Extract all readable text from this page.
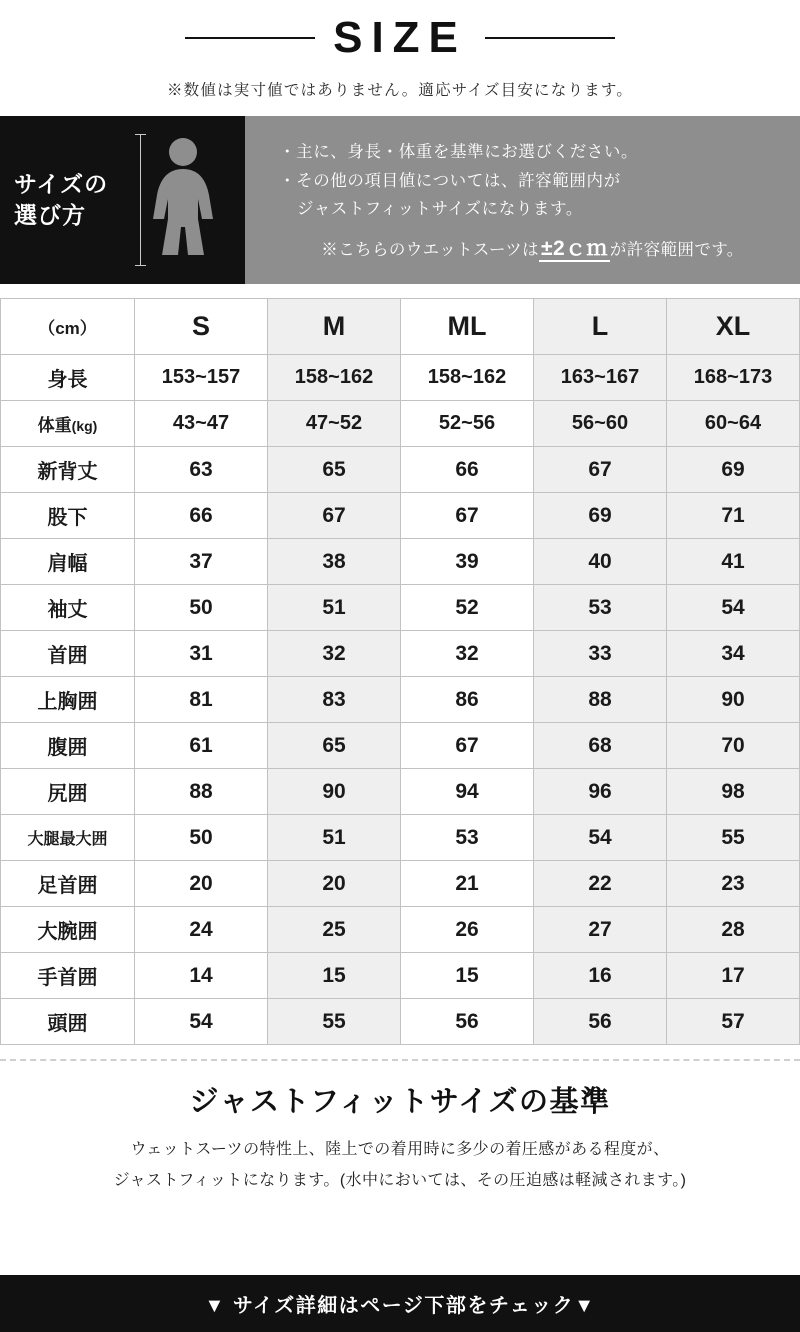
SIZE
※数値は実寸値ではありません。適応サイズ目安になります。
サイズの
選び方
・主に、身長・体重を基準にお選びください。
・その他の項目値については、許容範囲内が
ジャストフィットサイズになります。
※こちらのウエットスーツは±2ｃｍ が許容範囲です。
（cm）	S	M	ML	L	XL
身長	153~157	158~162	158~162	163~167	168~173
体重(kg)	43~47	47~52	52~56	56~60	60~64
新背丈	63	65	66	67	69
股下	66	67	67	69	71
肩幅	37	38	39	40	41
袖丈	50	51	52	53	54
首囲	31	32	32	33	34
上胸囲	81	83	86	88	90
腹囲	61	65	67	68	70
尻囲	88	90	94	96	98
大腿最大囲	50	51	53	54	55
足首囲	20	20	21	22	23
大腕囲	24	25	26	27	28
手首囲	14	15	15	16	17
頭囲	54	55	56	56	57
ジャストフィットサイズの基準
ウェットスーツの特性上、陸上での着用時に多少の着圧感がある程度が、
ジャストフィットになります。(水中においては、その圧迫感は軽減されます。)
▼ サイズ詳細はページ下部をチェック▼
